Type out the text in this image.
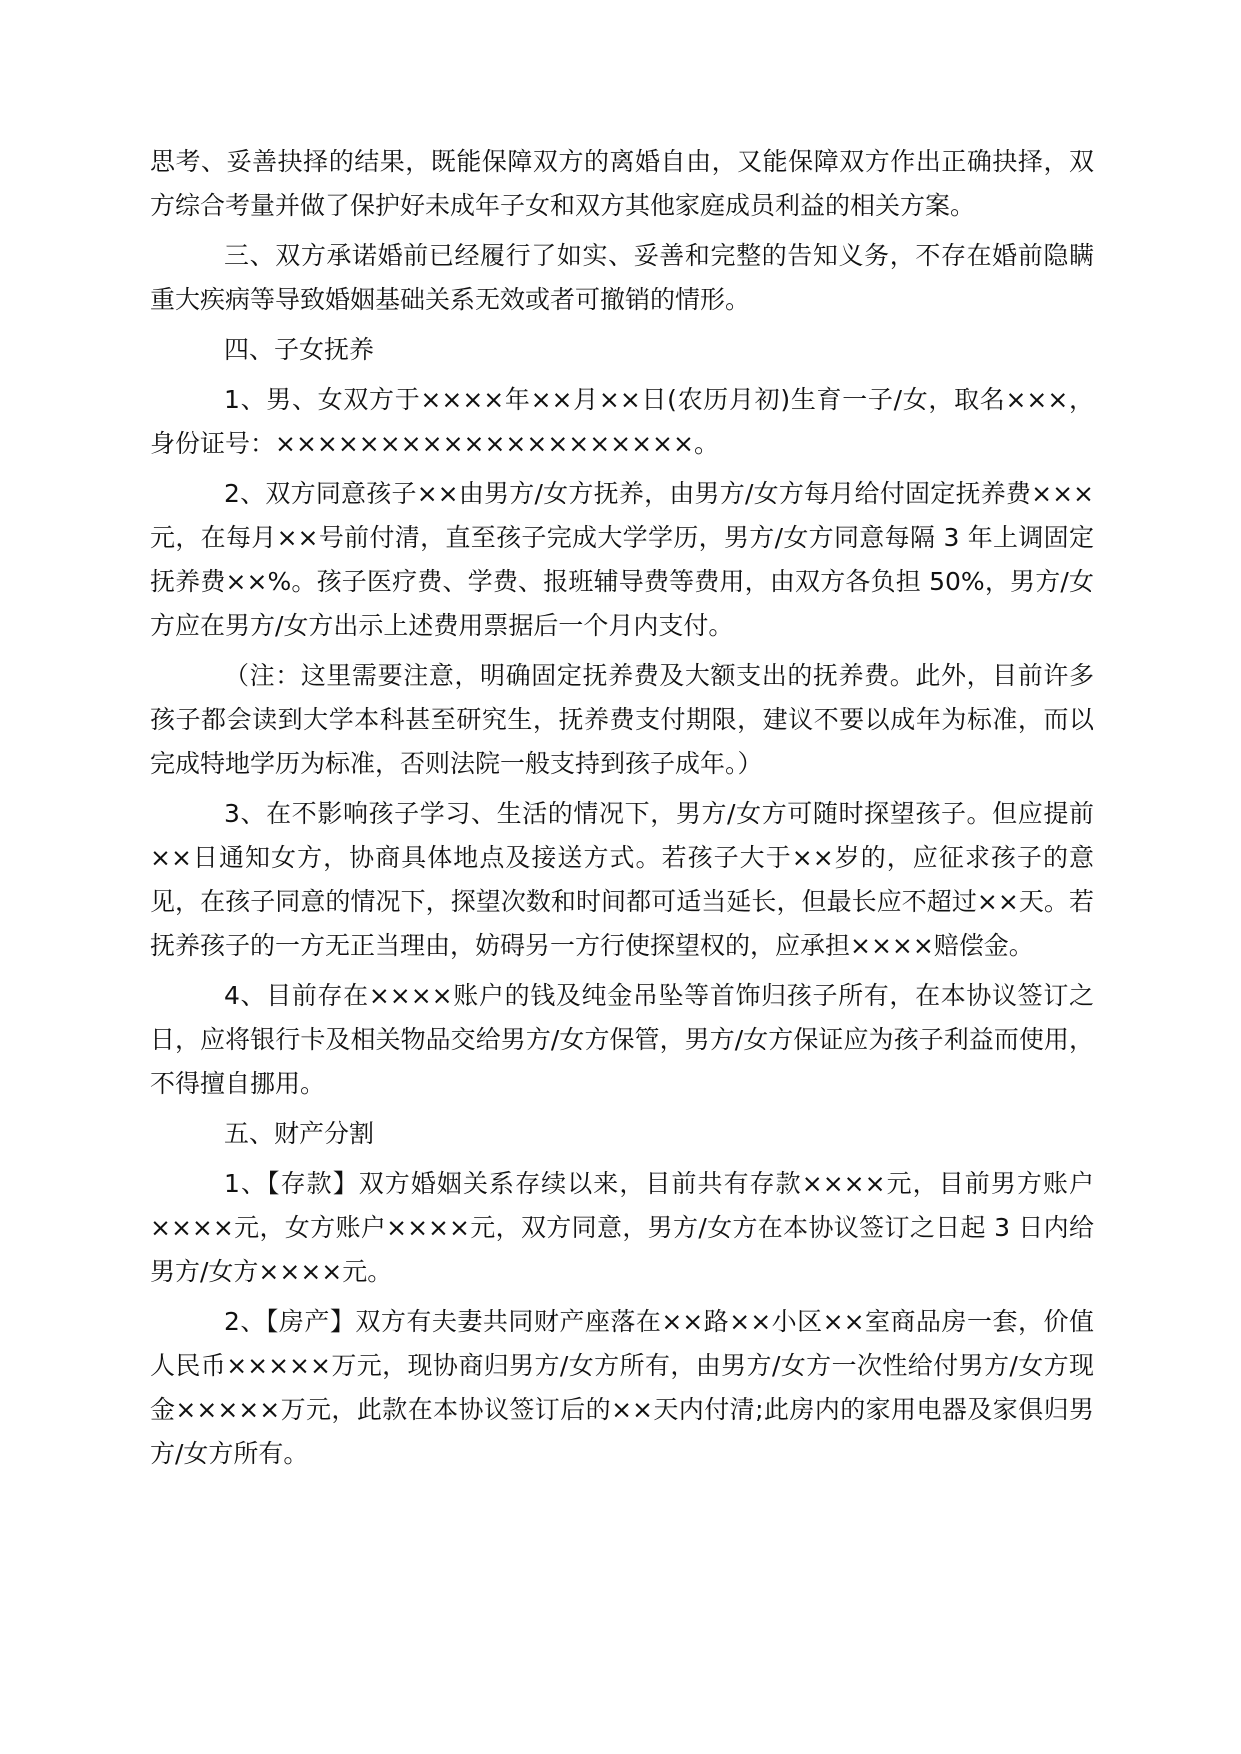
思考、妥善抉择的结果，既能保障双方的离婚自由，又能保障双方作出正确抉择，双方综合考量并做了保护好未成年子女和双方其他家庭成员利益的相关方案。

三、双方承诺婚前已经履行了如实、妥善和完整的告知义务，不存在婚前隐瞒重大疾病等导致婚姻基础关系无效或者可撤销的情形。

四、子女抚养

1、男、女双方于××××年××月××日(农历月初)生育一子/女，取名×××，身份证号：××××××××××××××××××××。

2、双方同意孩子××由男方/女方抚养，由男方/女方每月给付固定抚养费×××元，在每月××号前付清，直至孩子完成大学学历，男方/女方同意每隔 3 年上调固定抚养费××%。孩子医疗费、学费、报班辅导费等费用，由双方各负担 50%，男方/女方应在男方/女方出示上述费用票据后一个月内支付。

（注：这里需要注意，明确固定抚养费及大额支出的抚养费。此外，目前许多孩子都会读到大学本科甚至研究生，抚养费支付期限，建议不要以成年为标准，而以完成特地学历为标准，否则法院一般支持到孩子成年。）

3、在不影响孩子学习、生活的情况下，男方/女方可随时探望孩子。但应提前××日通知女方，协商具体地点及接送方式。若孩子大于××岁的，应征求孩子的意见，在孩子同意的情况下，探望次数和时间都可适当延长，但最长应不超过××天。若抚养孩子的一方无正当理由，妨碍另一方行使探望权的，应承担××××赔偿金。

4、目前存在××××账户的钱及纯金吊坠等首饰归孩子所有，在本协议签订之日，应将银行卡及相关物品交给男方/女方保管，男方/女方保证应为孩子利益而使用，不得擅自挪用。

五、财产分割

1、【存款】双方婚姻关系存续以来，目前共有存款××××元，目前男方账户××××元，女方账户××××元，双方同意，男方/女方在本协议签订之日起 3 日内给男方/女方××××元。

2、【房产】双方有夫妻共同财产座落在××路××小区××室商品房一套，价值人民币×××××万元，现协商归男方/女方所有，由男方/女方一次性给付男方/女方现金×××××万元，此款在本协议签订后的××天内付清;此房内的家用电器及家俱归男方/女方所有。
